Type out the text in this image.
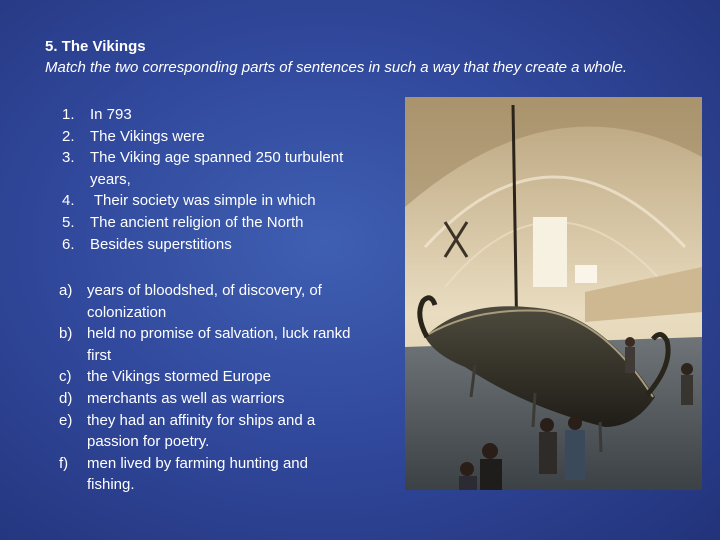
5. The Vikings
Match the two corresponding parts of sentences in such a way that they create a whole.
1. In 793
2. The Vikings were
3. The Viking age spanned 250 turbulent years,
4. Their society was simple in which
5. The ancient religion of the North
6. Besides superstitions
a) years of bloodshed, of discovery, of colonization
b) held no promise of salvation, luck rankd first
c) the Vikings stormed Europe
d) merchants as well as warriors
e) they had an affinity for ships and a passion for poetry.
f) men lived by farming hunting and fishing.
